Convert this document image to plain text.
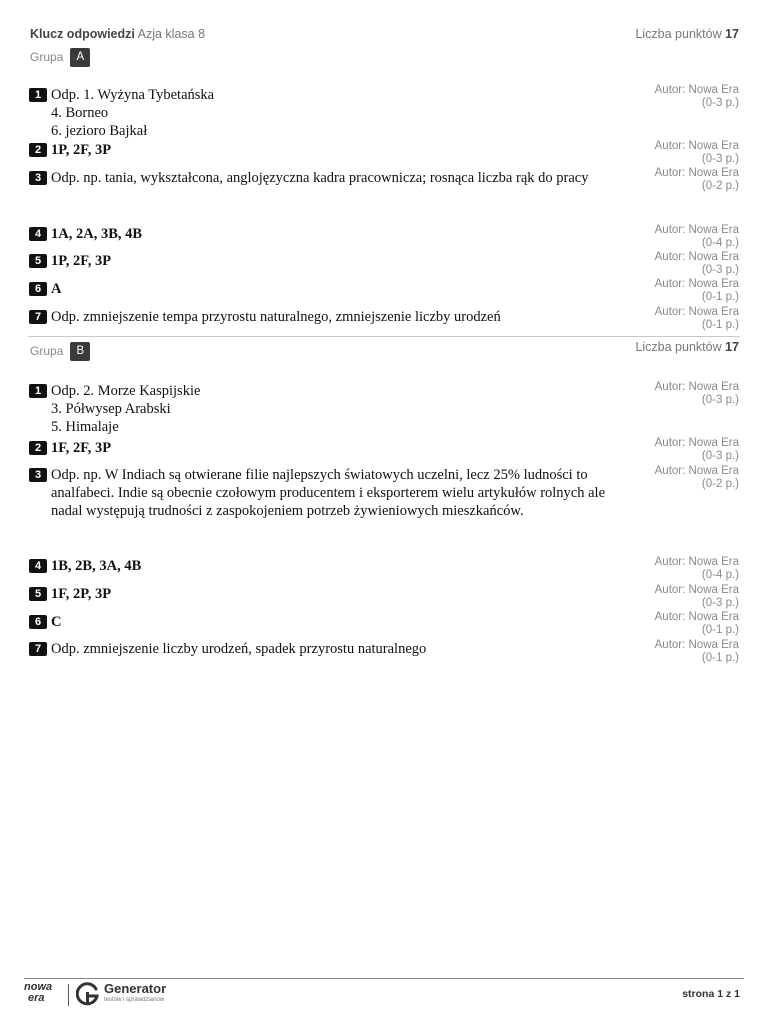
Klucz odpowiedzi Azja klasa 8	Liczba punktów 17
Grupa	A
1 Odp. 1. Wyżyna Tybetańska
4. Borneo
6. jezioro Bajkał
Autor: Nowa Era
(0-3 p.)
2 1P, 2F, 3P	Autor: Nowa Era
(0-3 p.)
3 Odp. np. tania, wykształcona, anglojęzyczna kadra pracownicza; rosnąca liczba rąk do pracy	Autor: Nowa Era
(0-2 p.)
4 1A, 2A, 3B, 4B	Autor: Nowa Era
(0-4 p.)
5 1P, 2F, 3P	Autor: Nowa Era
(0-3 p.)
6 A	Autor: Nowa Era
(0-1 p.)
7 Odp. zmniejszenie tempa przyrostu naturalnego, zmniejszenie liczby urodzeń	Autor: Nowa Era
(0-1 p.)
Grupa	B	Liczba punktów 17
1 Odp. 2. Morze Kaspijskie
3. Półwysep Arabski
5. Himalaje
Autor: Nowa Era
(0-3 p.)
2 1F, 2F, 3P	Autor: Nowa Era
(0-3 p.)
3 Odp. np. W Indiach są otwierane filie najlepszych światowych uczelni, lecz 25% ludności to analfabeci. Indie są obecnie czołowym producentem i eksporterem wielu artykułów rolnych ale nadal występują trudności z zaspokojeniem potrzeb żywieniowych mieszkańców.
Autor: Nowa Era
(0-2 p.)
4 1B, 2B, 3A, 4B	Autor: Nowa Era
(0-4 p.)
5 1F, 2P, 3P	Autor: Nowa Era
(0-3 p.)
6 C	Autor: Nowa Era
(0-1 p.)
7 Odp. zmniejszenie liczby urodzeń, spadek przyrostu naturalnego	Autor: Nowa Era
(0-1 p.)
nowa
era
Generator
testów i sprawdzianów	strona 1 z 1
